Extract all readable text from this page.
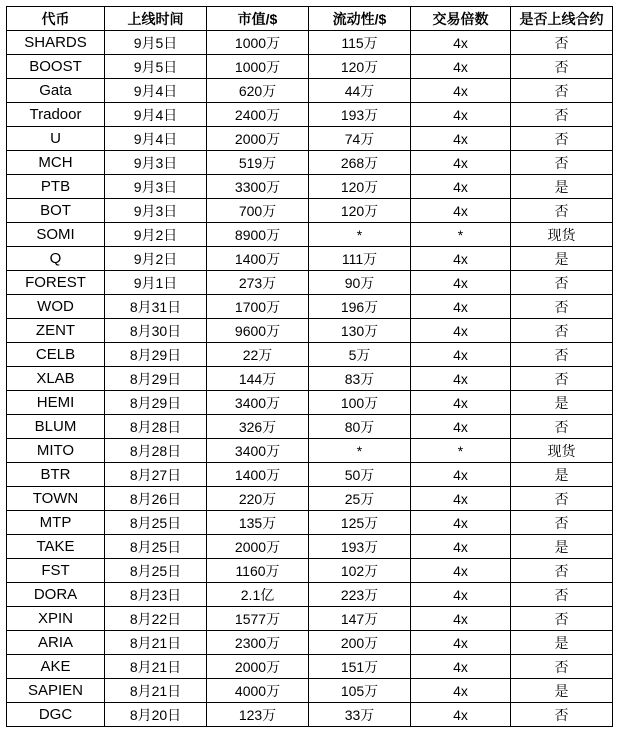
代币	上线时间	市值/$	流动性/$	交易倍数	是否上线合约
SHARDS	9月5日	1000万	115万	4x	否
BOOST	9月5日	1000万	120万	4x	否
Gata	9月4日	620万	44万	4x	否
Tradoor	9月4日	2400万	193万	4x	否
U	9月4日	2000万	74万	4x	否
MCH	9月3日	519万	268万	4x	否
PTB	9月3日	3300万	120万	4x	是
BOT	9月3日	700万	120万	4x	否
SOMI	9月2日	8900万	*	*	现货
Q	9月2日	1400万	111万	4x	是
FOREST	9月1日	273万	90万	4x	否
WOD	8月31日	1700万	196万	4x	否
ZENT	8月30日	9600万	130万	4x	否
CELB	8月29日	22万	5万	4x	否
XLAB	8月29日	144万	83万	4x	否
HEMI	8月29日	3400万	100万	4x	是
BLUM	8月28日	326万	80万	4x	否
MITO	8月28日	3400万	*	*	现货
BTR	8月27日	1400万	50万	4x	是
TOWN	8月26日	220万	25万	4x	否
MTP	8月25日	135万	125万	4x	否
TAKE	8月25日	2000万	193万	4x	是
FST	8月25日	1160万	102万	4x	否
DORA	8月23日	2.1亿	223万	4x	否
XPIN	8月22日	1577万	147万	4x	否
ARIA	8月21日	2300万	200万	4x	是
AKE	8月21日	2000万	151万	4x	否
SAPIEN	8月21日	4000万	105万	4x	是
DGC	8月20日	123万	33万	4x	否
